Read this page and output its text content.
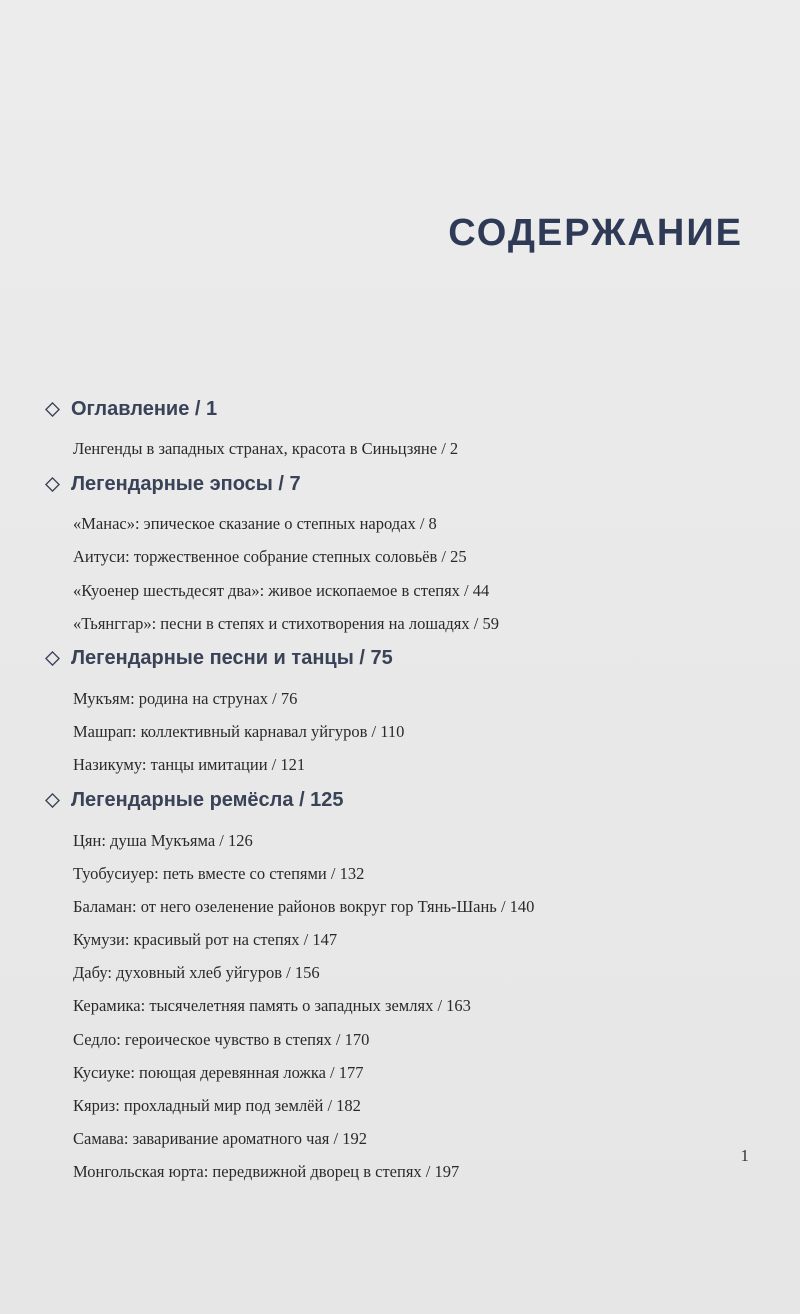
СОДЕРЖАНИЕ
Оглавление / 1
Ленгенды в западных странах, красота в Синьцзяне / 2
Легендарные эпосы / 7
«Манас»: эпическое сказание о степных народах / 8
Аитуси: торжественное собрание степных соловьёв / 25
«Куоенер шестьдесят два»: живое ископаемое в степях / 44
«Тьянггар»: песни в степях и стихотворения на лошадях / 59
Легендарные песни и танцы / 75
Мукъям: родина на струнах / 76
Машрап: коллективный карнавал уйгуров / 110
Назикуму: танцы имитации / 121
Легендарные ремёсла / 125
Цян: душа Мукъяма / 126
Туобусиуер: петь вместе со степями / 132
Баламан: от него озеленение районов вокруг гор Тянь-Шань / 140
Кумузи: красивый рот на степях / 147
Дабу: духовный хлеб уйгуров / 156
Керамика: тысячелетняя память о западных землях / 163
Седло: героическое чувство в степях / 170
Кусиуке: поющая деревянная ложка / 177
Кяриз: прохладный мир под землёй / 182
Самава: заваривание ароматного чая / 192
Монгольская юрта: передвижной дворец в степях / 197
1
